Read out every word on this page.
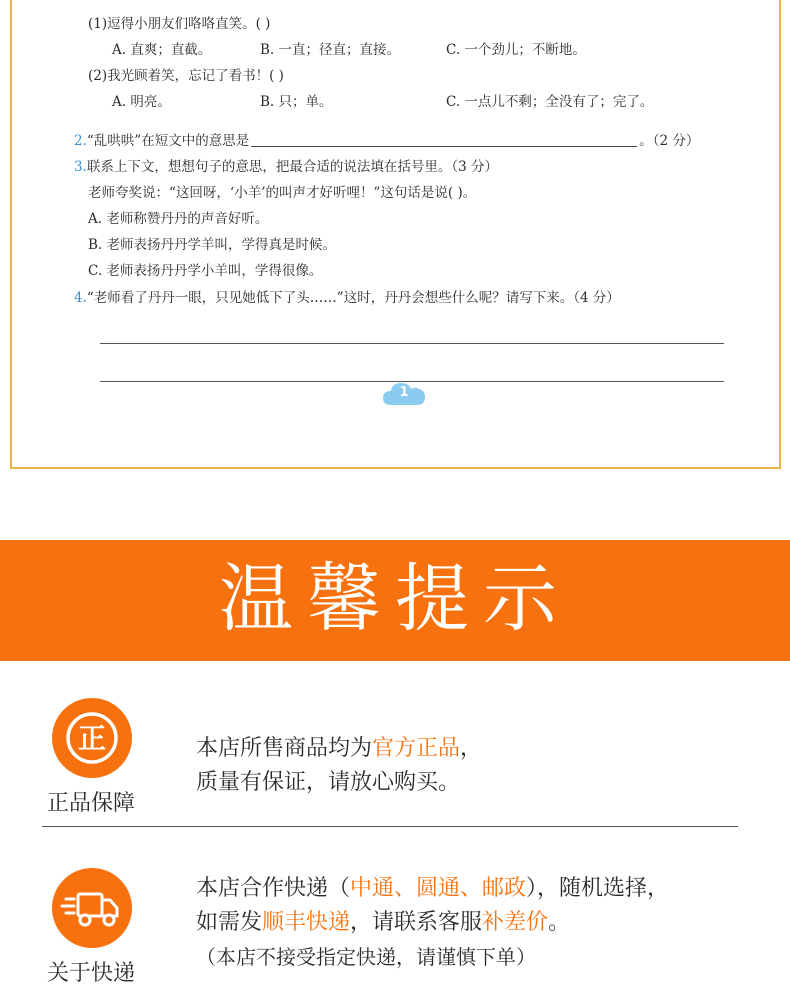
(1)逗得小朋友们咯咯直笑。( )
A. 直爽；直截。	B. 一直；径直；直接。	C. 一个劲儿；不断地。
(2)我光顾着笑，忘记了看书！( )
A. 明亮。	B. 只；单。	C. 一点儿不剩；全没有了；完了。
2.“乱哄哄”在短文中的意思是	。（2 分）
3.联系上下文，想想句子的意思，把最合适的说法填在括号里。（3 分）
老师夸奖说：“这回呀，‘小羊’的叫声才好听哩！”这句话是说( )。
A. 老师称赞丹丹的声音好听。
B. 老师表扬丹丹学羊叫，学得真是时候。
C. 老师表扬丹丹学小羊叫，学得很像。
4.“老师看了丹丹一眼，只见她低下了头……”这时，丹丹会想些什么呢？请写下来。（4 分）
1
温馨提示
正
正品保障
本店所售商品均为官方正品，
质量有保证，请放心购买。
关于快递
本店合作快递（中通、圆通、邮政），随机选择，
如需发顺丰快递，请联系客服补差价。
（本店不接受指定快递，请谨慎下单）
